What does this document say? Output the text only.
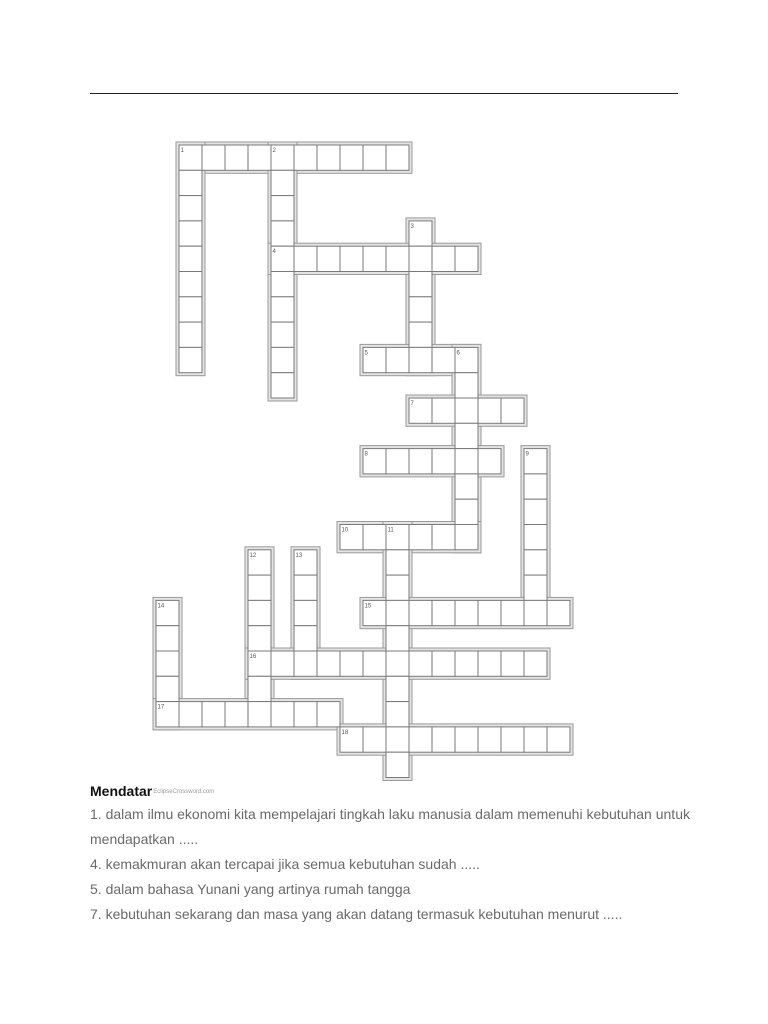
1	2
3
4
5	6
7
8	9
10	11
12	13
14	15
16
17
18
MendatarEclipseCrossword.com

1. dalam ilmu ekonomi kita mempelajari tingkah laku manusia dalam memenuhi kebutuhan untuk mendapatkan .....

4. kemakmuran akan tercapai jika semua kebutuhan sudah .....

5. dalam bahasa Yunani yang artinya rumah tangga

7. kebutuhan sekarang dan masa yang akan datang termasuk kebutuhan menurut .....
